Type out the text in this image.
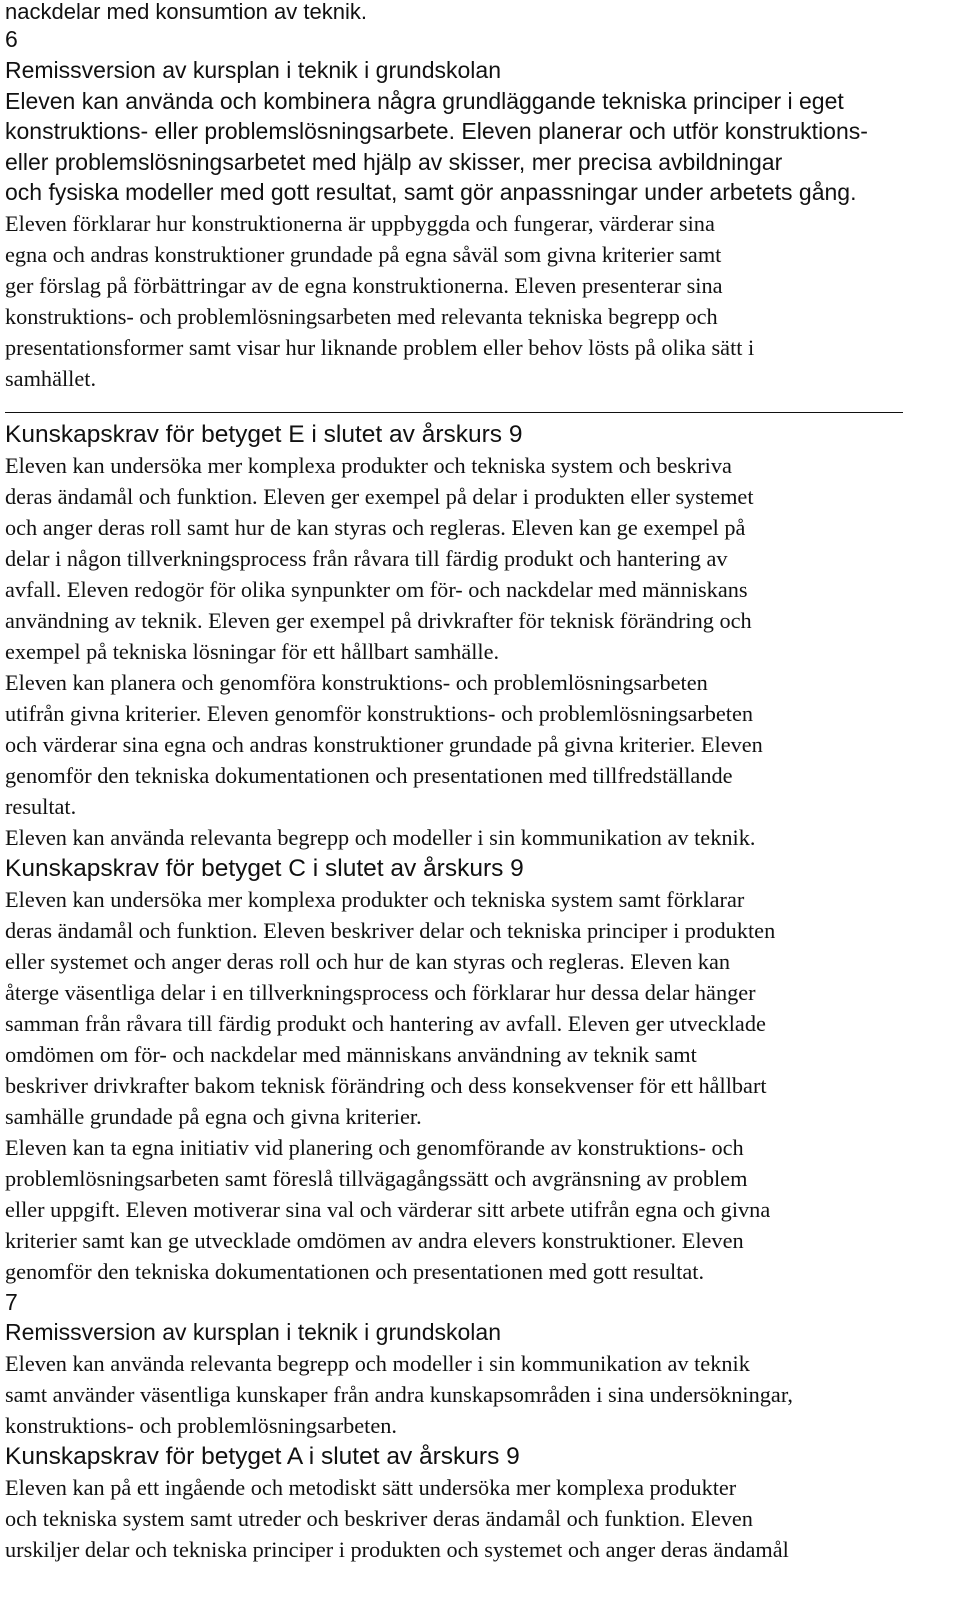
nackdelar med konsumtion av teknik.
6
Remissversion av kursplan i teknik i grundskolan
Eleven kan använda och kombinera några grundläggande tekniska principer i eget
konstruktions- eller problemslösningsarbete. Eleven planerar och utför konstruktions-
eller problemslösningsarbetet med hjälp av skisser, mer precisa avbildningar
och fysiska modeller med gott resultat, samt gör anpassningar under arbetets gång.
Eleven förklarar hur konstruktionerna är uppbyggda och fungerar, värderar sina
egna och andras konstruktioner grundade på egna såväl som givna kriterier samt
ger förslag på förbättringar av de egna konstruktionerna. Eleven presenterar sina
konstruktions- och problemlösningsarbeten med relevanta tekniska begrepp och
presentationsformer samt visar hur liknande problem eller behov lösts på olika sätt i
samhället.
Kunskapskrav för betyget E i slutet av årskurs 9
Eleven kan undersöka mer komplexa produkter och tekniska system och beskriva
deras ändamål och funktion. Eleven ger exempel på delar i produkten eller systemet
och anger deras roll samt hur de kan styras och regleras. Eleven kan ge exempel på
delar i någon tillverkningsprocess från råvara till färdig produkt och hantering av
avfall. Eleven redogör för olika synpunkter om för- och nackdelar med människans
användning av teknik. Eleven ger exempel på drivkrafter för teknisk förändring och
exempel på tekniska lösningar för ett hållbart samhälle.
Eleven kan planera och genomföra konstruktions- och problemlösningsarbeten
utifrån givna kriterier. Eleven genomför konstruktions- och problemlösningsarbeten
och värderar sina egna och andras konstruktioner grundade på givna kriterier. Eleven
genomför den tekniska dokumentationen och presentationen med tillfredställande
resultat.
Eleven kan använda relevanta begrepp och modeller i sin kommunikation av teknik.
Kunskapskrav för betyget C i slutet av årskurs 9
Eleven kan undersöka mer komplexa produkter och tekniska system samt förklarar
deras ändamål och funktion. Eleven beskriver delar och tekniska principer i produkten
eller systemet och anger deras roll och hur de kan styras och regleras. Eleven kan
återge väsentliga delar i en tillverkningsprocess och förklarar hur dessa delar hänger
samman från råvara till färdig produkt och hantering av avfall. Eleven ger utvecklade
omdömen om för- och nackdelar med människans användning av teknik samt
beskriver drivkrafter bakom teknisk förändring och dess konsekvenser för ett hållbart
samhälle grundade på egna och givna kriterier.
Eleven kan ta egna initiativ vid planering och genomförande av konstruktions- och
problemlösningsarbeten samt föreslå tillvägagångssätt och avgränsning av problem
eller uppgift. Eleven motiverar sina val och värderar sitt arbete utifrån egna och givna
kriterier samt kan ge utvecklade omdömen av andra elevers konstruktioner. Eleven
genomför den tekniska dokumentationen och presentationen med gott resultat.
7
Remissversion av kursplan i teknik i grundskolan
Eleven kan använda relevanta begrepp och modeller i sin kommunikation av teknik
samt använder väsentliga kunskaper från andra kunskapsområden i sina undersökningar,
konstruktions- och problemlösningsarbeten.
Kunskapskrav för betyget A i slutet av årskurs 9
Eleven kan på ett ingående och metodiskt sätt undersöka mer komplexa produkter
och tekniska system samt utreder och beskriver deras ändamål och funktion. Eleven
urskiljer delar och tekniska principer i produkten och systemet och anger deras ändamål
